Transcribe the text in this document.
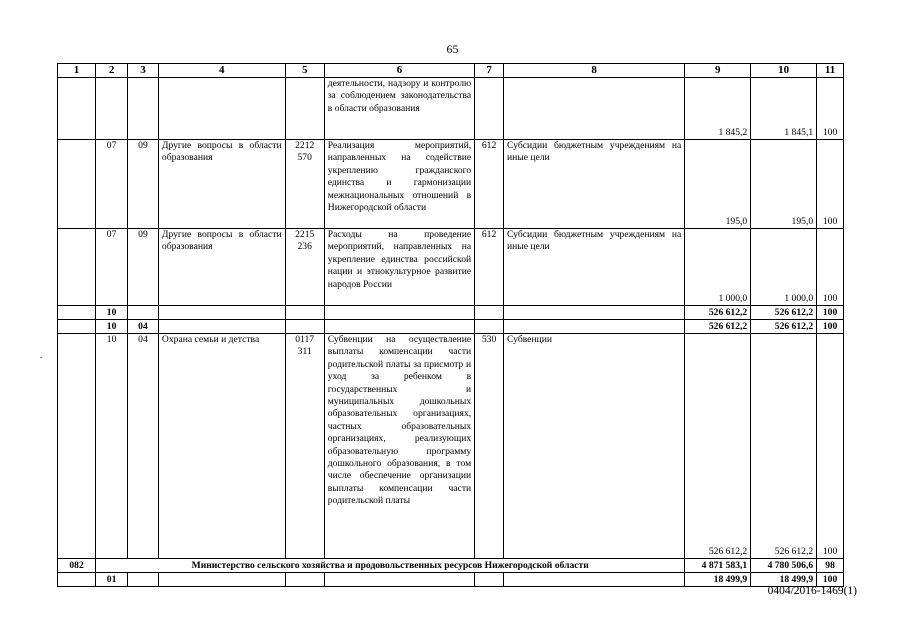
65
.
1	2	3	4	5	6	7	8	9	10	11
					деятельности, надзору и контролю за соблюдением законодательства в области образования			1 845,2	1 845,1	100
	07	09	Другие вопросы в области образования	2212 570	Реализация мероприятий, направленных на содействие укреплению гражданского единства и гармонизации межнациональных отношений в Нижегородской области	612	Субсидии бюджетным учреждениям на иные цели	195,0	195,0	100
	07	09	Другие вопросы в области образования	2215 236	Расходы на проведение мероприятий, направленных на укрепление единства российской нации и этнокультурное развитие народов России	612	Субсидии бюджетным учреждениям на иные цели	1 000,0	1 000,0	100
	10							526 612,2	526 612,2	100
	10	04						526 612,2	526 612,2	100
	10	04	Охрана семьи и детства	0117 311	Субвенции на осуществление выплаты компенсации части родительской платы за присмотр и уход за ребенком в государственных и муниципальных дошкольных образовательных организациях, частных образовательных организациях, реализующих образовательную программу дошкольного образования, в том числе обеспечение организации выплаты компенсации части родительской платы	530	Субвенции	526 612,2	526 612,2	100
082	Министерство сельского хозяйства и продовольственных ресурсов Нижегородской области							4 871 583,1	4 780 506,6	98
	01							18 499,9	18 499,9	100
0404/2016-1469(1)
